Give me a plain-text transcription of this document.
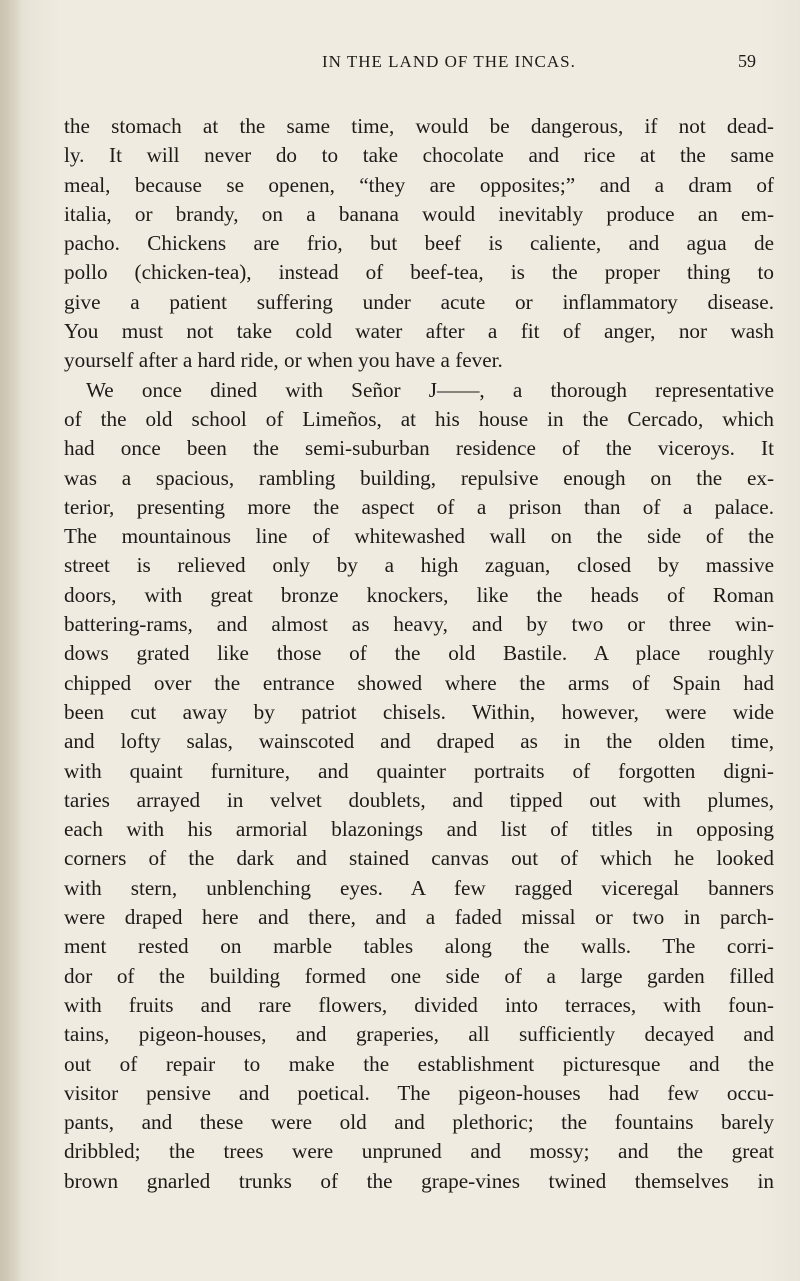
IN THE LAND OF THE INCAS.	59
the stomach at the same time, would be dangerous, if not dead-
ly. It will never do to take chocolate and rice at the same
meal, because se openen, “they are opposites;” and a dram of
italia, or brandy, on a banana would inevitably produce an em-
pacho. Chickens are frio, but beef is caliente, and agua de
pollo (chicken-tea), instead of beef-tea, is the proper thing to
give a patient suffering under acute or inflammatory disease.
You must not take cold water after a fit of anger, nor wash
yourself after a hard ride, or when you have a fever.
We once dined with Señor J——, a thorough representative
of the old school of Limeños, at his house in the Cercado, which
had once been the semi-suburban residence of the viceroys. It
was a spacious, rambling building, repulsive enough on the ex-
terior, presenting more the aspect of a prison than of a palace.
The mountainous line of whitewashed wall on the side of the
street is relieved only by a high zaguan, closed by massive
doors, with great bronze knockers, like the heads of Roman
battering-rams, and almost as heavy, and by two or three win-
dows grated like those of the old Bastile. A place roughly
chipped over the entrance showed where the arms of Spain had
been cut away by patriot chisels. Within, however, were wide
and lofty salas, wainscoted and draped as in the olden time,
with quaint furniture, and quainter portraits of forgotten digni-
taries arrayed in velvet doublets, and tipped out with plumes,
each with his armorial blazonings and list of titles in opposing
corners of the dark and stained canvas out of which he looked
with stern, unblenching eyes. A few ragged viceregal banners
were draped here and there, and a faded missal or two in parch-
ment rested on marble tables along the walls. The corri-
dor of the building formed one side of a large garden filled
with fruits and rare flowers, divided into terraces, with foun-
tains, pigeon-houses, and graperies, all sufficiently decayed and
out of repair to make the establishment picturesque and the
visitor pensive and poetical. The pigeon-houses had few occu-
pants, and these were old and plethoric; the fountains barely
dribbled; the trees were unpruned and mossy; and the great
brown gnarled trunks of the grape-vines twined themselves in
